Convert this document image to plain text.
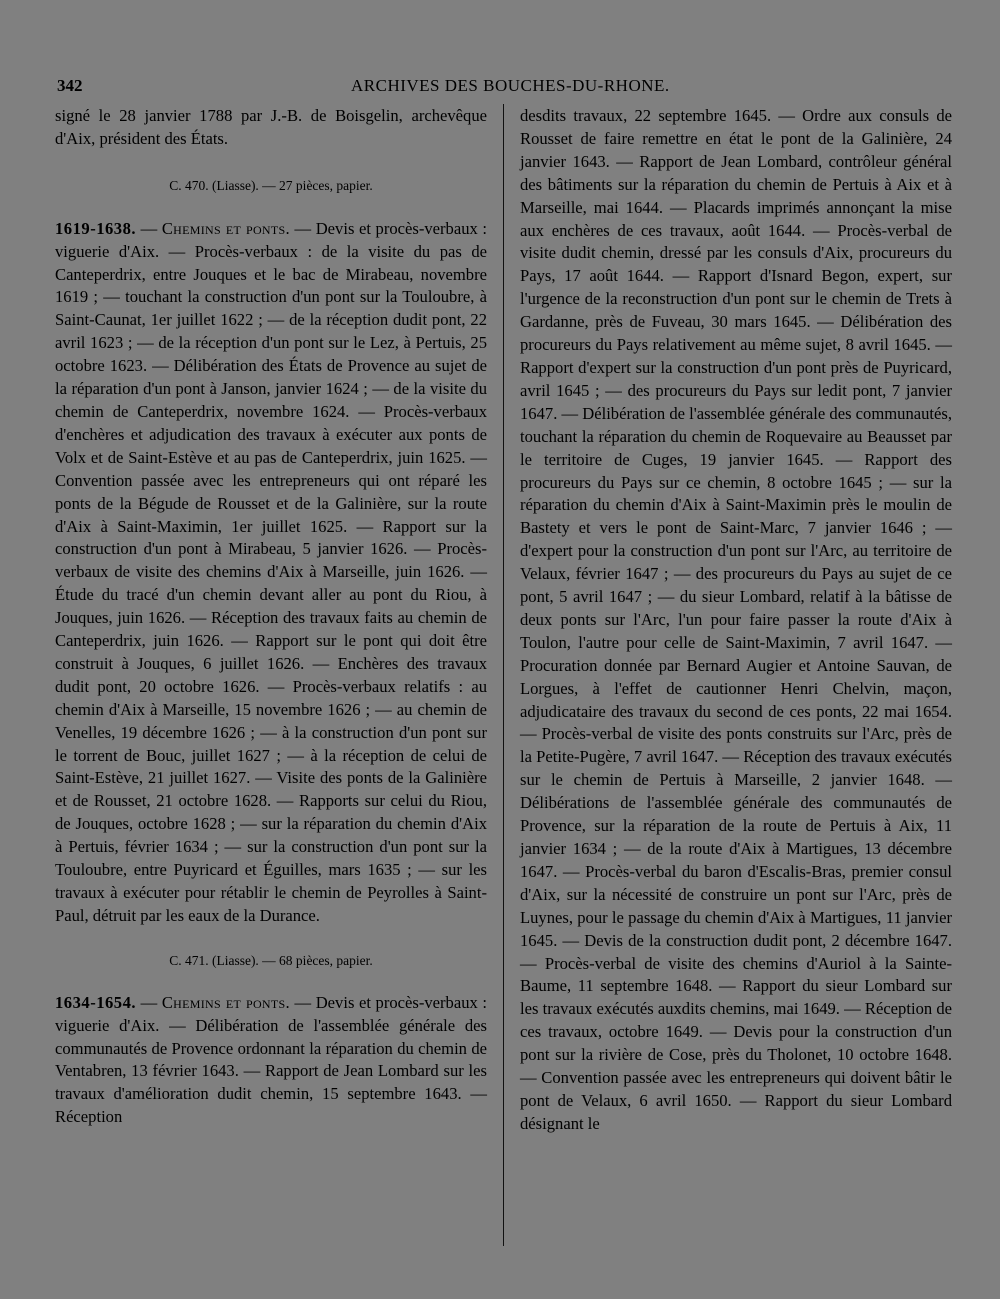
342	ARCHIVES DES BOUCHES-DU-RHONE.

signé le 28 janvier 1788 par J.-B. de Boisgelin, archevêque d'Aix, président des États.

C. 470. (Liasse). — 27 pièces, papier.

1619-1638. — Chemins et ponts. — Devis et procès-verbaux : viguerie d'Aix. — Procès-verbaux : de la visite du pas de Canteperdrix, entre Jouques et le bac de Mirabeau, novembre 1619 ; — touchant la construction d'un pont sur la Touloubre, à Saint-Caunat, 1er juillet 1622 ; — de la réception dudit pont, 22 avril 1623 ; — de la réception d'un pont sur le Lez, à Pertuis, 25 octobre 1623. — Délibération des États de Provence au sujet de la réparation d'un pont à Janson, janvier 1624 ; — de la visite du chemin de Canteperdrix, novembre 1624. — Procès-verbaux d'enchères et adjudication des travaux à exécuter aux ponts de Volx et de Saint-Estève et au pas de Canteperdrix, juin 1625. — Convention passée avec les entrepreneurs qui ont réparé les ponts de la Bégude de Rousset et de la Galinière, sur la route d'Aix à Saint-Maximin, 1er juillet 1625. — Rapport sur la construction d'un pont à Mirabeau, 5 janvier 1626. — Procès-verbaux de visite des chemins d'Aix à Marseille, juin 1626. — Étude du tracé d'un chemin devant aller au pont du Riou, à Jouques, juin 1626. — Réception des travaux faits au chemin de Canteperdrix, juin 1626. — Rapport sur le pont qui doit être construit à Jouques, 6 juillet 1626. — Enchères des travaux dudit pont, 20 octobre 1626. — Procès-verbaux relatifs : au chemin d'Aix à Marseille, 15 novembre 1626 ; — au chemin de Venelles, 19 décembre 1626 ; — à la construction d'un pont sur le torrent de Bouc, juillet 1627 ; — à la réception de celui de Saint-Estève, 21 juillet 1627. — Visite des ponts de la Galinière et de Rousset, 21 octobre 1628. — Rapports sur celui du Riou, de Jouques, octobre 1628 ; — sur la réparation du chemin d'Aix à Pertuis, février 1634 ; — sur la construction d'un pont sur la Touloubre, entre Puyricard et Éguilles, mars 1635 ; — sur les travaux à exécuter pour rétablir le chemin de Peyrolles à Saint-Paul, détruit par les eaux de la Durance.

C. 471. (Liasse). — 68 pièces, papier.

1634-1654. — Chemins et ponts. — Devis et procès-verbaux : viguerie d'Aix. — Délibération de l'assemblée générale des communautés de Provence ordonnant la réparation du chemin de Ventabren, 13 février 1643. — Rapport de Jean Lombard sur les travaux d'amélioration dudit chemin, 15 septembre 1643. — Réception

desdits travaux, 22 septembre 1645. — Ordre aux consuls de Rousset de faire remettre en état le pont de la Galinière, 24 janvier 1643. — Rapport de Jean Lombard, contrôleur général des bâtiments sur la réparation du chemin de Pertuis à Aix et à Marseille, mai 1644. — Placards imprimés annonçant la mise aux enchères de ces travaux, août 1644. — Procès-verbal de visite dudit chemin, dressé par les consuls d'Aix, procureurs du Pays, 17 août 1644. — Rapport d'Isnard Begon, expert, sur l'urgence de la reconstruction d'un pont sur le chemin de Trets à Gardanne, près de Fuveau, 30 mars 1645. — Délibération des procureurs du Pays relativement au même sujet, 8 avril 1645. — Rapport d'expert sur la construction d'un pont près de Puyricard, avril 1645 ; — des procureurs du Pays sur ledit pont, 7 janvier 1647. — Délibération de l'assemblée générale des communautés, touchant la réparation du chemin de Roquevaire au Beausset par le territoire de Cuges, 19 janvier 1645. — Rapport des procureurs du Pays sur ce chemin, 8 octobre 1645 ; — sur la réparation du chemin d'Aix à Saint-Maximin près le moulin de Bastety et vers le pont de Saint-Marc, 7 janvier 1646 ; — d'expert pour la construction d'un pont sur l'Arc, au territoire de Velaux, février 1647 ; — des procureurs du Pays au sujet de ce pont, 5 avril 1647 ; — du sieur Lombard, relatif à la bâtisse de deux ponts sur l'Arc, l'un pour faire passer la route d'Aix à Toulon, l'autre pour celle de Saint-Maximin, 7 avril 1647. — Procuration donnée par Bernard Augier et Antoine Sauvan, de Lorgues, à l'effet de cautionner Henri Chelvin, maçon, adjudicataire des travaux du second de ces ponts, 22 mai 1654. — Procès-verbal de visite des ponts construits sur l'Arc, près de la Petite-Pugère, 7 avril 1647. — Réception des travaux exécutés sur le chemin de Pertuis à Marseille, 2 janvier 1648. — Délibérations de l'assemblée générale des communautés de Provence, sur la réparation de la route de Pertuis à Aix, 11 janvier 1634 ; — de la route d'Aix à Martigues, 13 décembre 1647. — Procès-verbal du baron d'Escalis-Bras, premier consul d'Aix, sur la nécessité de construire un pont sur l'Arc, près de Luynes, pour le passage du chemin d'Aix à Martigues, 11 janvier 1645. — Devis de la construction dudit pont, 2 décembre 1647. — Procès-verbal de visite des chemins d'Auriol à la Sainte-Baume, 11 septembre 1648. — Rapport du sieur Lombard sur les travaux exécutés auxdits chemins, mai 1649. — Réception de ces travaux, octobre 1649. — Devis pour la construction d'un pont sur la rivière de Cose, près du Tholonet, 10 octobre 1648. — Convention passée avec les entrepreneurs qui doivent bâtir le pont de Velaux, 6 avril 1650. — Rapport du sieur Lombard désignant le
